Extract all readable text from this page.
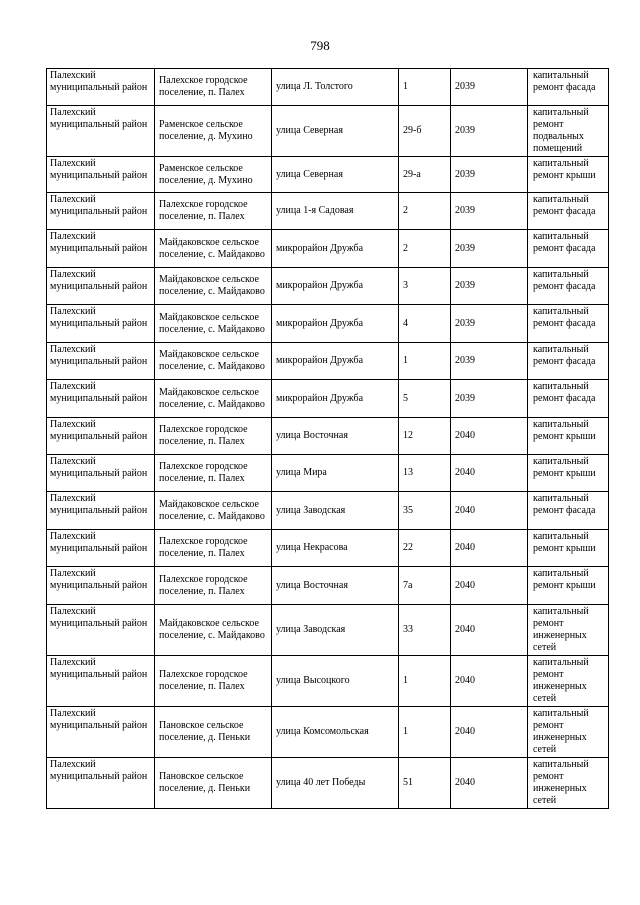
798
Палехский муниципальный район	Палехское городское поселение, п. Палех	улица Л. Толстого	1	2039	капитальный ремонт фасада
Палехский муниципальный район	Раменское сельское поселение, д. Мухино	улица Северная	29-б	2039	капитальный ремонт подвальных помещений
Палехский муниципальный район	Раменское сельское поселение, д. Мухино	улица Северная	29-а	2039	капитальный ремонт крыши
Палехский муниципальный район	Палехское городское поселение, п. Палех	улица 1-я Садовая	2	2039	капитальный ремонт фасада
Палехский муниципальный район	Майдаковское сельское поселение, с. Майдаково	микрорайон Дружба	2	2039	капитальный ремонт фасада
Палехский муниципальный район	Майдаковское сельское поселение, с. Майдаково	микрорайон Дружба	3	2039	капитальный ремонт фасада
Палехский муниципальный район	Майдаковское сельское поселение, с. Майдаково	микрорайон Дружба	4	2039	капитальный ремонт фасада
Палехский муниципальный район	Майдаковское сельское поселение, с. Майдаково	микрорайон Дружба	1	2039	капитальный ремонт фасада
Палехский муниципальный район	Майдаковское сельское поселение, с. Майдаково	микрорайон Дружба	5	2039	капитальный ремонт фасада
Палехский муниципальный район	Палехское городское поселение, п. Палех	улица Восточная	12	2040	капитальный ремонт крыши
Палехский муниципальный район	Палехское городское поселение, п. Палех	улица Мира	13	2040	капитальный ремонт крыши
Палехский муниципальный район	Майдаковское сельское поселение, с. Майдаково	улица Заводская	35	2040	капитальный ремонт фасада
Палехский муниципальный район	Палехское городское поселение, п. Палех	улица Некрасова	22	2040	капитальный ремонт крыши
Палехский муниципальный район	Палехское городское поселение, п. Палех	улица Восточная	7а	2040	капитальный ремонт крыши
Палехский муниципальный район	Майдаковское сельское поселение, с. Майдаково	улица Заводская	33	2040	капитальный ремонт инженерных сетей
Палехский муниципальный район	Палехское городское поселение, п. Палех	улица Высоцкого	1	2040	капитальный ремонт инженерных сетей
Палехский муниципальный район	Пановское сельское поселение, д. Пеньки	улица Комсомольская	1	2040	капитальный ремонт инженерных сетей
Палехский муниципальный район	Пановское сельское поселение, д. Пеньки	улица 40 лет Победы	51	2040	капитальный ремонт инженерных сетей
